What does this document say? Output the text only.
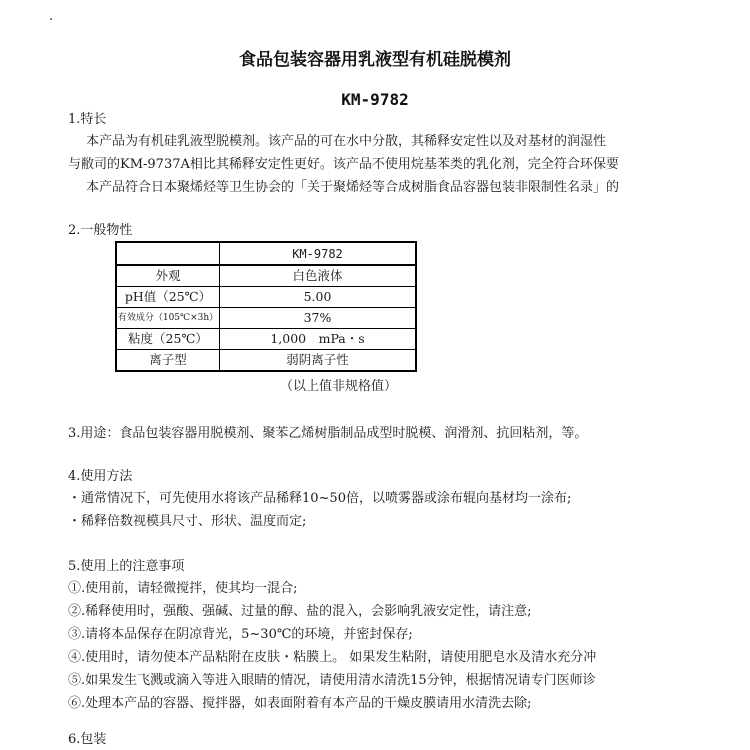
食品包装容器用乳液型有机硅脱模剂
KM-9782
1.特长
本产品为有机硅乳液型脱模剂。该产品的可在水中分散，其稀释安定性以及对基材的润湿性
与敝司的KM-9737A相比其稀释安定性更好。该产品不使用烷基苯类的乳化剂，完全符合环保要
本产品符合日本聚烯烃等卫生协会的「关于聚烯烃等合成树脂食品容器包装非限制性名录」的
2.一般物性
	KM-9782
外观	白色液体
pH值（25℃）	5.00
有效成分（105℃×3h）	37%
粘度（25℃）	1,000　mPa・s
离子型	弱阴离子性
（以上值非规格值）
3.用途：食品包装容器用脱模剂、聚苯乙烯树脂制品成型时脱模、润滑剂、抗回粘剂，等。
4.使用方法
・通常情况下，可先使用水将该产品稀释10~50倍，以喷雾器或涂布辊向基材均一涂布;
・稀释倍数视模具尺寸、形状、温度而定;
5.使用上的注意事项
①.使用前，请轻微搅拌，使其均一混合;
②.稀释使用时，强酸、强碱、过量的醇、盐的混入，会影响乳液安定性，请注意;
③.请将本品保存在阴凉背光，5~30℃的环境，并密封保存;
④.使用时，请勿使本产品粘附在皮肤・粘膜上。 如果发生粘附，请使用肥皂水及清水充分冲
⑤.如果发生飞溅或滴入等进入眼睛的情况，请使用清水清洗15分钟，根据情况请专门医师诊
⑥.处理本产品的容器、搅拌器，如表面附着有本产品的干燥皮膜请用水清洗去除;
6.包装
